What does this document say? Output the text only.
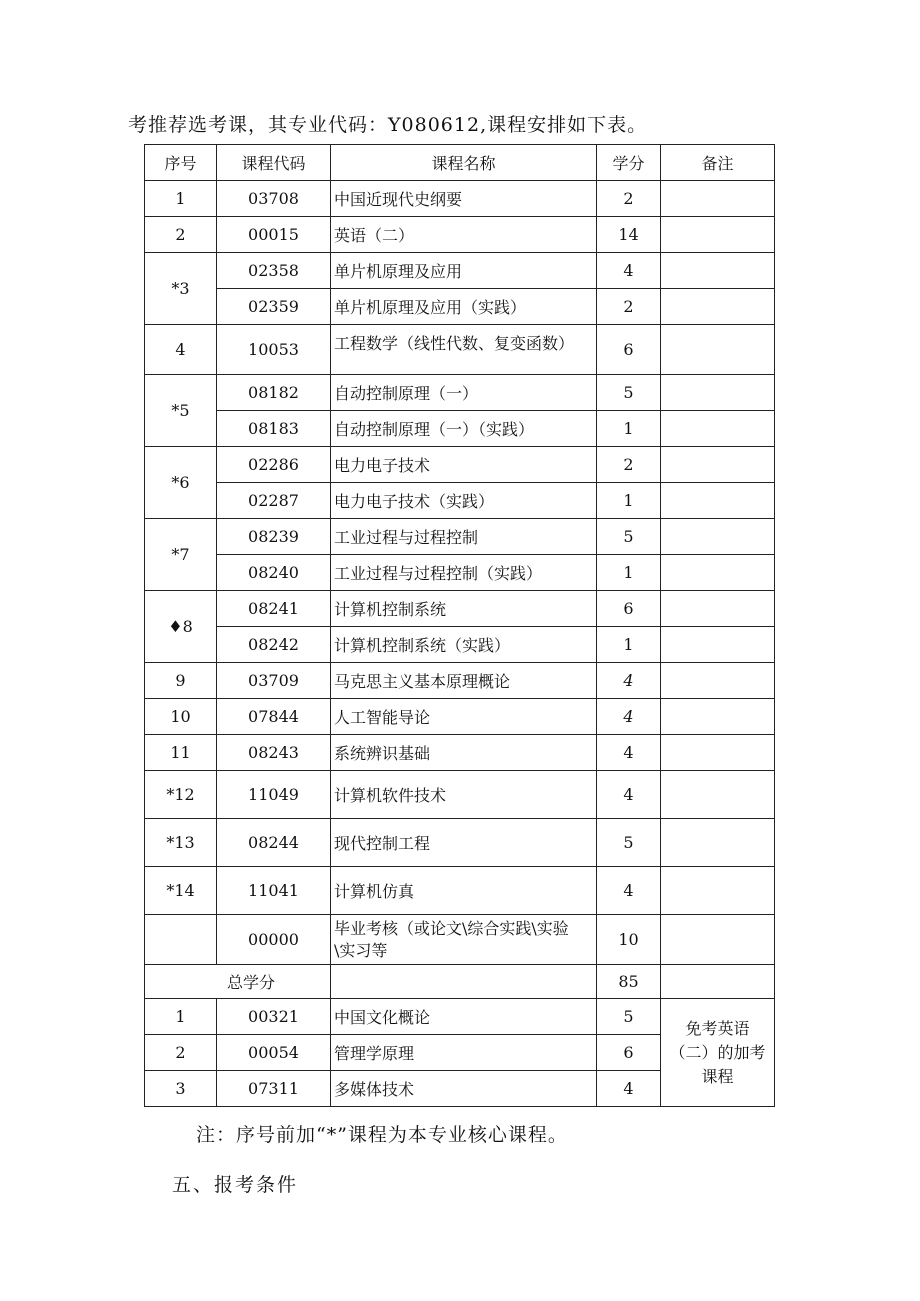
考推荐选考课，其专业代码：Y080612,课程安排如下表。
序号	课程代码	课程名称	学分	备注
1	03708	中国近现代史纲要	2	
2	00015	英语（二）	14	
*3	02358	单片机原理及应用	4	
	02359	单片机原理及应用（实践）	2	
4	10053	工程数学（线性代数、复变函数）	6	
*5	08182	自动控制原理（一）	5	
	08183	自动控制原理（一）（实践）	1	
*6	02286	电力电子技术	2	
	02287	电力电子技术（实践）	1	
*7	08239	工业过程与过程控制	5	
	08240	工业过程与过程控制（实践）	1	
♦8	08241	计算机控制系统	6	
	08242	计算机控制系统（实践）	1	
9	03709	马克思主义基本原理概论	4	
10	07844	人工智能导论	4	
11	08243	系统辨识基础	4	
*12	11049	计算机软件技术	4	
*13	08244	现代控制工程	5	
*14	11041	计算机仿真	4	
	00000	毕业考核（或论文\综合实践\实验
\实习等	10	
总学分			85	
1	00321	中国文化概论	5	免考英语
（二）的加考
课程

2	00054	管理学原理	6	
3	07311	多媒体技术	4	
注：序号前加“*”课程为本专业核心课程。
五、报考条件
